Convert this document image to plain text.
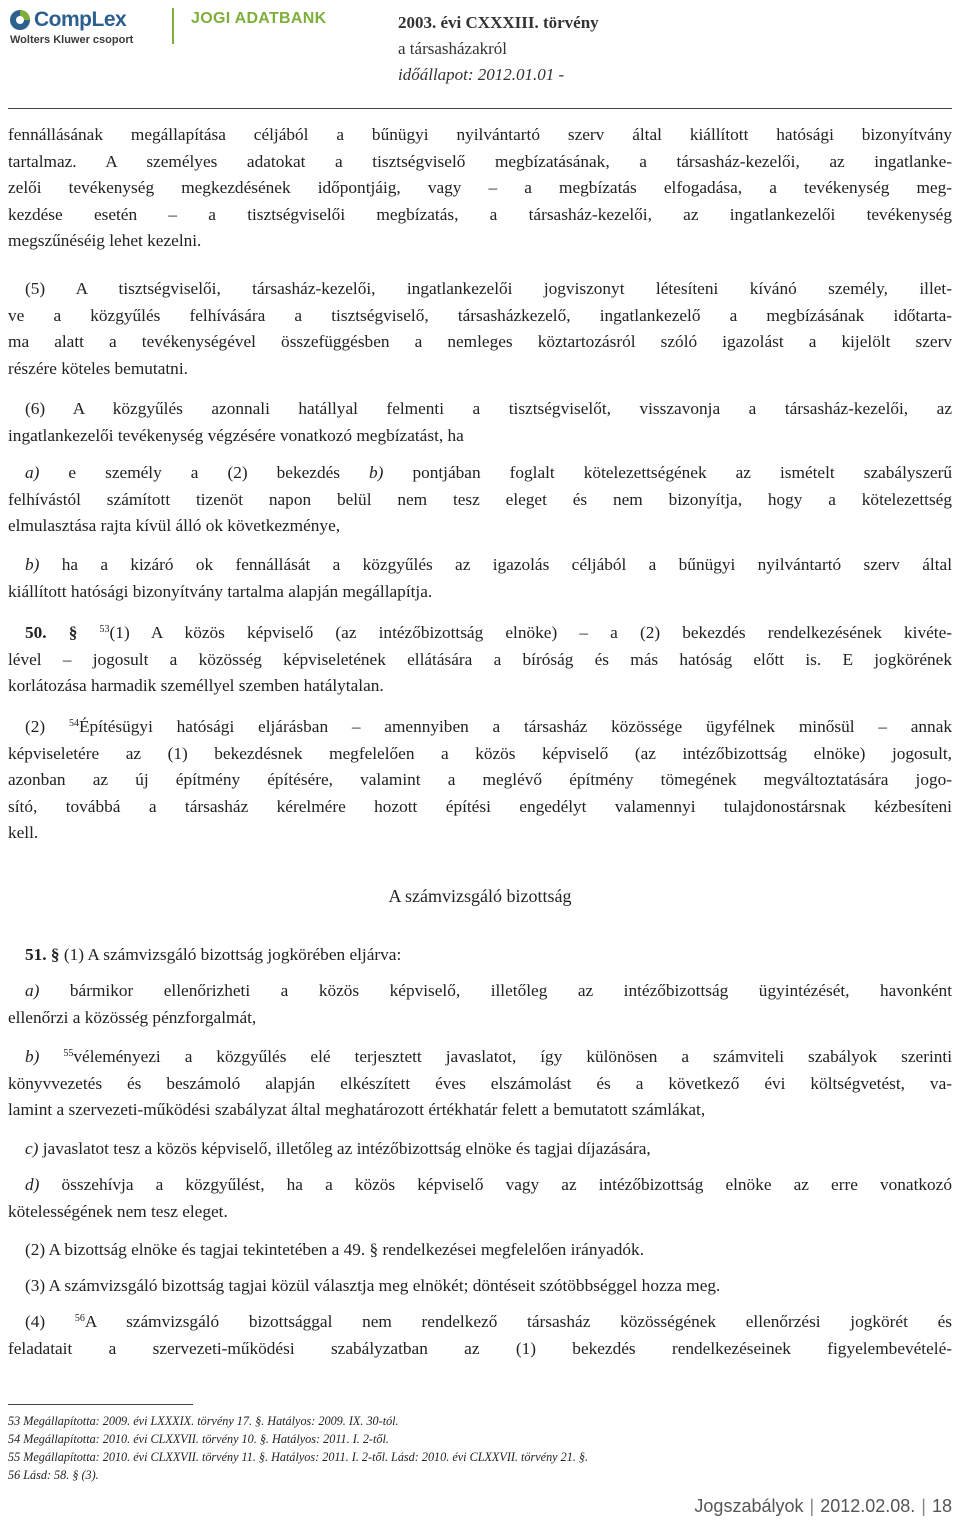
CompLex
Wolters Kluwer csoport
JOGI ADATBANK	2003. évi CXXXIII. törvény
a társasházakról
időállapot: 2012.01.01 -
fennállásának megállapítása céljából a bűnügyi nyilvántartó szerv által kiállított hatósági bizonyítvány
tartalmaz. A személyes adatokat a tisztségviselő megbízatásának, a társasház-kezelői, az ingatlanke-
zelői tevékenység megkezdésének időpontjáig, vagy – a megbízatás elfogadása, a tevékenység meg-
kezdése esetén – a tisztségviselői megbízatás, a társasház-kezelői, az ingatlankezelői tevékenység
megszűnéséig lehet kezelni.
(5) A tisztségviselői, társasház-kezelői, ingatlankezelői jogviszonyt létesíteni kívánó személy, illet-
ve a közgyűlés felhívására a tisztségviselő, társasházkezelő, ingatlankezelő a megbízásának időtarta-
ma alatt a tevékenységével összefüggésben a nemleges köztartozásról szóló igazolást a kijelölt szerv
részére köteles bemutatni.
(6) A közgyűlés azonnali hatállyal felmenti a tisztségviselőt, visszavonja a társasház-kezelői, az
ingatlankezelői tevékenység végzésére vonatkozó megbízatást, ha
a) e személy a (2) bekezdés b) pontjában foglalt kötelezettségének az ismételt szabályszerű
felhívástól számított tizenöt napon belül nem tesz eleget és nem bizonyítja, hogy a kötelezettség
elmulasztása rajta kívül álló ok következménye,
b) ha a kizáró ok fennállását a közgyűlés az igazolás céljából a bűnügyi nyilvántartó szerv által
kiállított hatósági bizonyítvány tartalma alapján megállapítja.
50. § $^{53}$(1) A közös képviselő (az intézőbizottság elnöke) – a (2) bekezdés rendelkezésének kivéte-
lével – jogosult a közösség képviseletének ellátására a bíróság és más hatóság előtt is. E jogkörének
korlátozása harmadik személlyel szemben hatálytalan.
(2) $^{54}$Építésügyi hatósági eljárásban – amennyiben a társasház közössége ügyfélnek minősül – annak
képviseletére az (1) bekezdésnek megfelelően a közös képviselő (az intézőbizottság elnöke) jogosult,
azonban az új építmény építésére, valamint a meglévő építmény tömegének megváltoztatására jogo-
sító, továbbá a társasház kérelmére hozott építési engedélyt valamennyi tulajdonostársnak kézbesíteni
kell.
A számvizsgáló bizottság
51. § (1) A számvizsgáló bizottság jogkörében eljárva:
a) bármikor ellenőrizheti a közös képviselő, illetőleg az intézőbizottság ügyintézését, havonként
ellenőrzi a közösség pénzforgalmát,
b) $^{55}$véleményezi a közgyűlés elé terjesztett javaslatot, így különösen a számviteli szabályok szerinti
könyvvezetés és beszámoló alapján elkészített éves elszámolást és a következő évi költségvetést, va-
lamint a szervezeti-működési szabályzat által meghatározott értékhatár felett a bemutatott számlákat,
c) javaslatot tesz a közös képviselő, illetőleg az intézőbizottság elnöke és tagjai díjazására,
d) összehívja a közgyűlést, ha a közös képviselő vagy az intézőbizottság elnöke az erre vonatkozó
kötelességének nem tesz eleget.
(2) A bizottság elnöke és tagjai tekintetében a 49. § rendelkezései megfelelően irányadók.
(3) A számvizsgáló bizottság tagjai közül választja meg elnökét; döntéseit szótöbbséggel hozza meg.
(4) $^{56}$A számvizsgáló bizottsággal nem rendelkező társasház közösségének ellenőrzési jogkörét és
feladatait a szervezeti-működési szabályzatban az (1) bekezdés rendelkezéseinek figyelembevételé-
53 Megállapította: 2009. évi LXXXIX. törvény 17. §. Hatályos: 2009. IX. 30-tól.
54 Megállapította: 2010. évi CLXXVII. törvény 10. §. Hatályos: 2011. I. 2-től.
55 Megállapította: 2010. évi CLXXVII. törvény 11. §. Hatályos: 2011. I. 2-től. Lásd: 2010. évi CLXXVII. törvény 21. §.
56 Lásd: 58. § (3).
Jogszabályok | 2012.02.08. | 18
